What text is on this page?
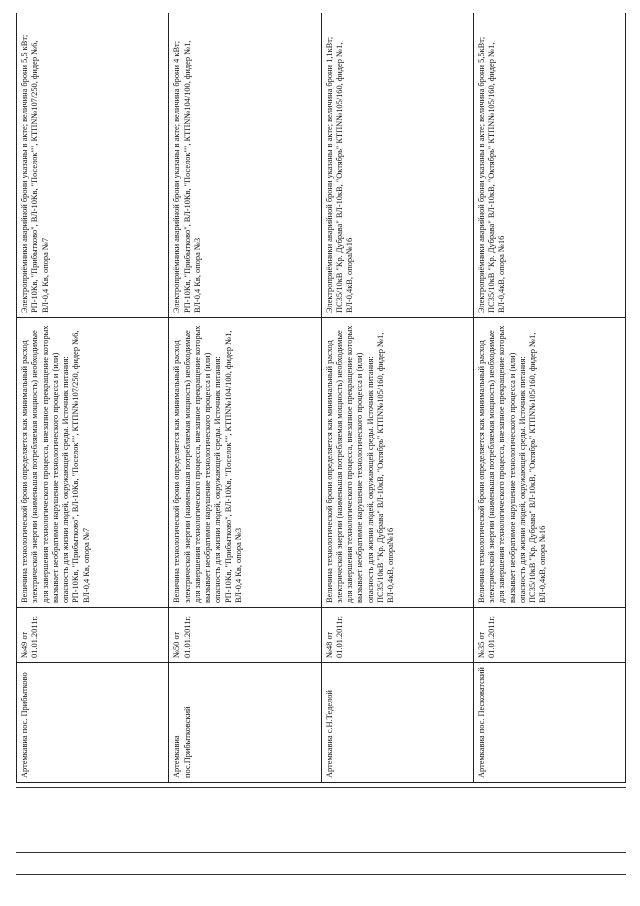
Артемкавиа пос. Прибытково	№49 от 01.01.2011г.	Величина технологической брони определяется как минимальный расход электрической энергии (наименьшая потребляемая мощность) необходимые для завершения технологического процесса, внезапное прекращение которых вызывает необратимое нарушение технологического процесса и (или) опасность для жизни людей, окружающей среды. Источник питания: РП-10Кв, "Прибытково", ВЛ-10Кв, "Поселок"", КТПN№107/250, фидер №6, ВЛ-0,4 Кв, опора №7	Электроприёмники аварийной брони указаны в акте; величина брони 5,5 кВт; РП-10Кв, "Прибытково", ВЛ-10Кв, "Поселок"", КТПN№107/250, фидер №6, ВЛ-0,4 Кв, опора №7
Артемкавиа пос.Прибытковский	№50 от 01.01.2011г.	Величина технологической брони определяется как минимальный расход электрической энергии (наименьшая потребляемая мощность) необходимые для завершения технологического процесса, внезапное прекращение которых вызывает необратимое нарушение технологического процесса и (или) опасность для жизни людей, окружающей среды. Источник питания: РП-10Кв, "Прибытково", ВЛ-10Кв, "Поселок"", КТПN№104/100, фидер №1, ВЛ-0,4 Кв, опора №3	Электроприёмники аварийной брони указаны в акте; величина брони 4 кВт; РП-10Кв, "Прибытково", ВЛ-10Кв, "Поселок"", КТПN№104/100, фидер №1, ВЛ-0,4 Кв, опора №3
Артемкавиа с.Н.Теделой	№48 от 01.01.2011г.	Величина технологической брони определяется как минимальный расход электрической энергии (наименьшая потребляемая мощность) необходимые для завершения технологического процесса, внезапное прекращение которых вызывает необратимое нарушение технологического процесса и (или) опасность для жизни людей, окружающей среды. Источник питания: ПС35/10кВ "Кр. Дубрава" ВЛ-10кВ, "Октябрь" КТПN№105/160, фидер №1, ВЛ-0,4кВ, опора№16	Электроприёмники аварийной брони указаны в акте; величина брони 1,1кВт; ПС35/10кВ "Кр. Дубрава" ВЛ-10кВ, "Октябрь" КТПN№105/160, фидер №1, ВЛ-0,4кВ, опора№16
Артемкавиа пос. Песковатский	№35 от 01.01.2011г.	Величина технологической брони определяется как минимальный расход электрической энергии (наименьшая потребляемая мощность) необходимые для завершения технологического процесса, внезапное прекращение которых вызывает необратимое нарушение технологического процесса и (или) опасность для жизни людей, окружающей среды. Источник питания: ПС35/10кВ "Кр. Дубрава" ВЛ-10кВ, "Октябрь" КТПN№105/160, фидер №1, ВЛ-0,4кВ, опора №16	Электроприёмники аварийной брони указаны в акте; величина брони 5,5кВт; ПС35/10кВ "Кр. Дубрава" ВЛ-10кВ, "Октябрь" КТПN№105/160, фидер №1, ВЛ-0,4кВ, опора №16
